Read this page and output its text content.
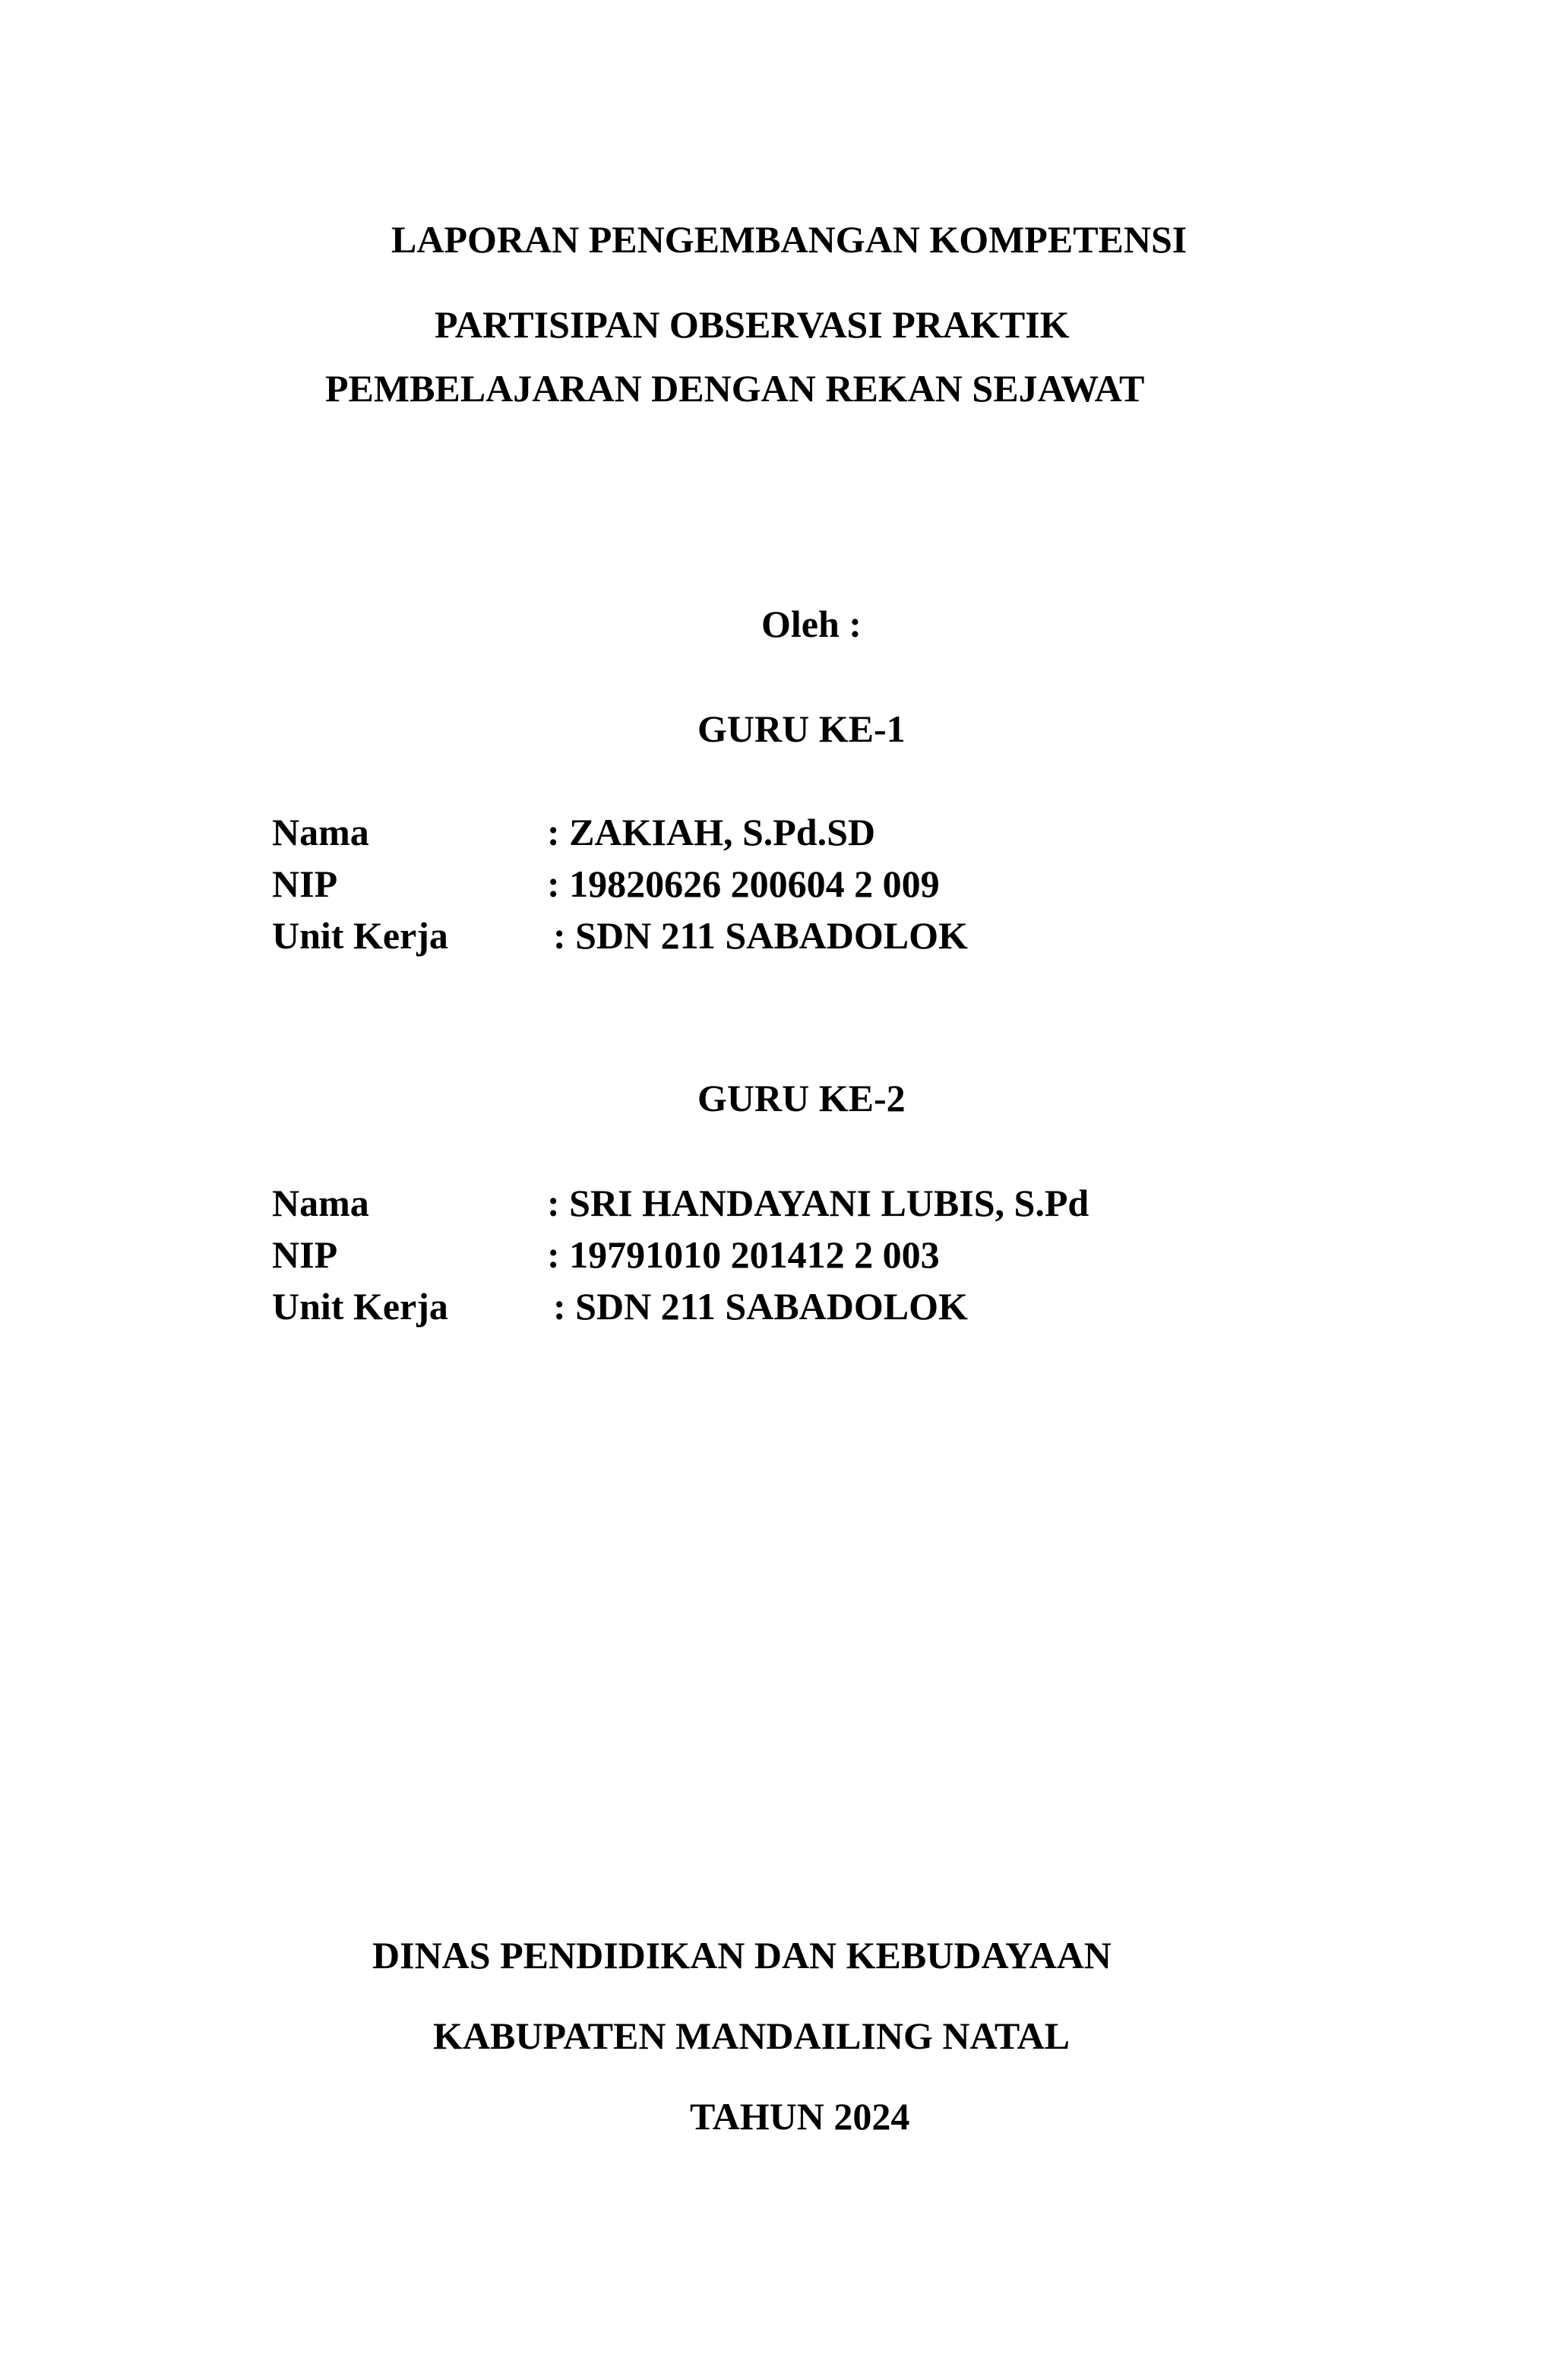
LAPORAN PENGEMBANGAN KOMPETENSI
PARTISIPAN OBSERVASI PRAKTIK
PEMBELAJARAN DENGAN REKAN SEJAWAT
Oleh :
GURU KE-1
Nama	: ZAKIAH, S.Pd.SD
NIP	: 19820626 200604 2 009
Unit Kerja	: SDN 211 SABADOLOK
GURU KE-2
Nama	: SRI HANDAYANI LUBIS, S.Pd
NIP	: 19791010 201412 2 003
Unit Kerja	: SDN 211 SABADOLOK
DINAS PENDIDIKAN DAN KEBUDAYAAN
KABUPATEN MANDAILING NATAL
TAHUN 2024
